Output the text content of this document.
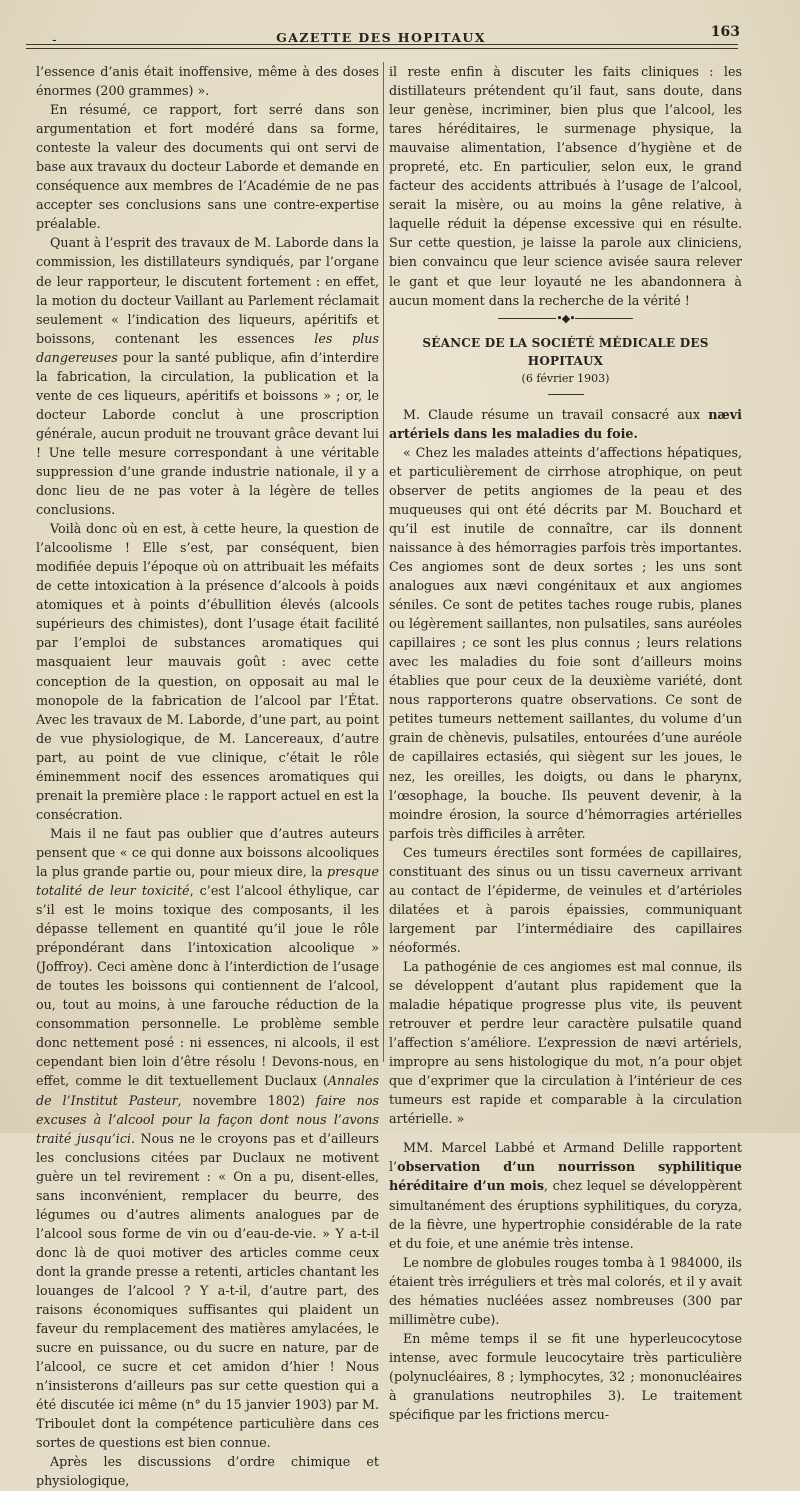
-	GAZETTE DES HOPITAUX	163

l’essence d’anis était inoffensive, même à des doses énormes (200 grammes) ».

En résumé, ce rapport, fort serré dans son argumentation et fort modéré dans sa forme, conteste la valeur des documents qui ont servi de base aux travaux du docteur Laborde et demande en conséquence aux membres de l’Académie de ne pas accepter ses conclusions sans une contre-expertise préalable.

Quant à l’esprit des travaux de M. Laborde dans la commission, les distillateurs syndiqués, par l’organe de leur rapporteur, le discutent fortement : en effet, la motion du docteur Vaillant au Parlement réclamait seulement « l’indication des liqueurs, apéritifs et boissons, contenant les essences les plus dangereuses pour la santé publique, afin d’interdire la fabrication, la circulation, la publication et la vente de ces liqueurs, apéritifs et boissons » ; or, le docteur Laborde conclut à une proscription générale, aucun produit ne trouvant grâce devant lui ! Une telle mesure correspondant à une véritable suppression d’une grande industrie nationale, il y a donc lieu de ne pas voter à la légère de telles conclusions.

Voilà donc où en est, à cette heure, la question de l’alcoolisme ! Elle s’est, par conséquent, bien modifiée depuis l’époque où on attribuait les méfaits de cette intoxication à la présence d’alcools à poids atomiques et à points d’ébullition élevés (alcools supérieurs des chimistes), dont l’usage était facilité par l’emploi de substances aromatiques qui masquaient leur mauvais goût : avec cette conception de la question, on opposait au mal le monopole de la fabrication de l’alcool par l’État. Avec les travaux de M. Laborde, d’une part, au point de vue physiologique, de M. Lancereaux, d’autre part, au point de vue clinique, c’était le rôle éminemment nocif des essences aromatiques qui prenait la première place : le rapport actuel en est la consécration.

Mais il ne faut pas oublier que d’autres auteurs pensent que « ce qui donne aux boissons alcooliques la plus grande partie ou, pour mieux dire, la presque totalité de leur toxicité, c’est l’alcool éthylique, car s’il est le moins toxique des composants, il les dépasse tellement en quantité qu’il joue le rôle prépondérant dans l’intoxication alcoolique » (Joffroy). Ceci amène donc à l’interdiction de l’usage de toutes les boissons qui contiennent de l’alcool, ou, tout au moins, à une farouche réduction de la consommation personnelle. Le problème semble donc nettement posé : ni essences, ni alcools, il est cependant bien loin d’être résolu ! Devons-nous, en effet, comme le dit textuellement Duclaux (Annales de l’Institut Pasteur, novembre 1802) faire nos excuses à l’alcool pour la façon dont nous l’avons traité jusqu’ici. Nous ne le croyons pas et d’ailleurs les conclusions citées par Duclaux ne motivent guère un tel revirement : « On a pu, disent-elles, sans inconvénient, remplacer du beurre, des légumes ou d’autres aliments analogues par de l’alcool sous forme de vin ou d’eau-de-vie. » Y a-t-il donc là de quoi motiver des articles comme ceux dont la grande presse a retenti, articles chantant les louanges de l’alcool ? Y a-t-il, d’autre part, des raisons économiques suffisantes qui plaident un faveur du remplacement des matières amylacées, le sucre en puissance, ou du sucre en nature, par de l’alcool, ce sucre et cet amidon d’hier ! Nous n’insisterons d’ailleurs pas sur cette question qui a été discutée ici même (n° du 15 janvier 1903) par M. Triboulet dont la compétence particulière dans ces sortes de questions est bien connue.

Après les discussions d’ordre chimique et physiologique,

il reste enfin à discuter les faits cliniques : les distillateurs prétendent qu’il faut, sans doute, dans leur genèse, incriminer, bien plus que l’alcool, les tares héréditaires, le surmenage physique, la mauvaise alimentation, l’absence d’hygiène et de propreté, etc. En particulier, selon eux, le grand facteur des accidents attribués à l’usage de l’alcool, serait la misère, ou au moins la gêne relative, à laquelle réduit la dépense excessive qui en résulte. Sur cette question, je laisse la parole aux cliniciens, bien convaincu que leur science avisée saura relever le gant et que leur loyauté ne les abandonnera à aucun moment dans la recherche de la vérité !

•◆•
SÉANCE DE LA SOCIÉTÉ MÉDICALE DES HOPITAUX
(6 février 1903)

M. Claude résume un travail consacré aux nævi artériels dans les maladies du foie.

« Chez les malades atteints d’affections hépatiques, et particulièrement de cirrhose atrophique, on peut observer de petits angiomes de la peau et des muqueuses qui ont été décrits par M. Bouchard et qu’il est inutile de connaître, car ils donnent naissance à des hémorragies parfois très importantes. Ces angiomes sont de deux sortes ; les uns sont analogues aux nævi congénitaux et aux angiomes séniles. Ce sont de petites taches rouge rubis, planes ou légèrement saillantes, non pulsatiles, sans auréoles capillaires ; ce sont les plus connus ; leurs relations avec les maladies du foie sont d’ailleurs moins établies que pour ceux de la deuxième variété, dont nous rapporterons quatre observations. Ce sont de petites tumeurs nettement saillantes, du volume d’un grain de chènevis, pulsatiles, entourées d’une auréole de capillaires ectasiés, qui siègent sur les joues, le nez, les oreilles, les doigts, ou dans le pharynx, l’œsophage, la bouche. Ils peuvent devenir, à la moindre érosion, la source d’hémorragies artérielles parfois très difficiles à arrêter.

Ces tumeurs érectiles sont formées de capillaires, constituant des sinus ou un tissu caverneux arrivant au contact de l’épiderme, de veinules et d’artérioles dilatées et à parois épaissies, communiquant largement par l’intermédiaire des capillaires néoformés.

La pathogénie de ces angiomes est mal connue, ils se développent d’autant plus rapidement que la maladie hépatique progresse plus vite, ils peuvent retrouver et perdre leur caractère pulsatile quand l’affection s’améliore. L’expression de nævi artériels, impropre au sens histologique du mot, n’a pour objet que d’exprimer que la circulation à l’intérieur de ces tumeurs est rapide et comparable à la circulation artérielle. »

MM. Marcel Labbé et Armand Delille rapportent l’observation d’un nourrisson syphilitique héréditaire d’un mois, chez lequel se développèrent simultanément des éruptions syphilitiques, du coryza, de la fièvre, une hypertrophie considérable de la rate et du foie, et une anémie très intense.

Le nombre de globules rouges tomba à 1 984000, ils étaient très irréguliers et très mal colorés, et il y avait des hématies nucléées assez nombreuses (300 par millimètre cube).

En même temps il se fit une hyperleucocytose intense, avec formule leucocytaire très particulière (polynucléaires, 8 ; lymphocytes, 32 ; mononucléaires à granulations neutrophiles 3). Le traitement spécifique par les frictions mercu-
